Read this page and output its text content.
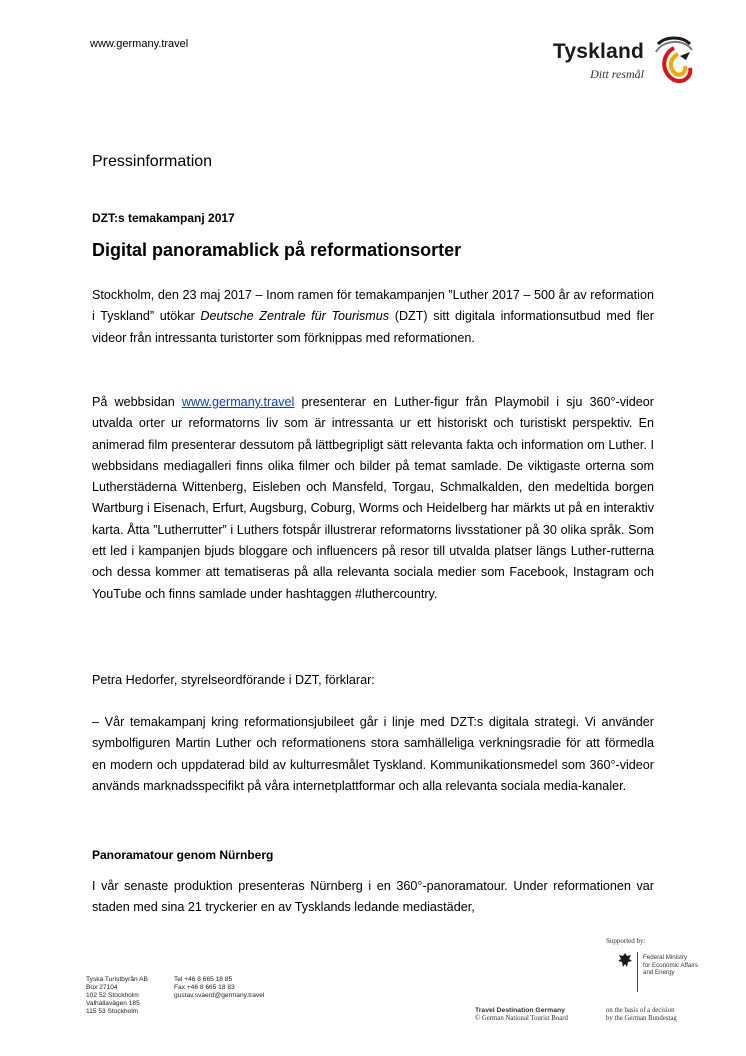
www.germany.travel	Tyskland
Ditt resmål
Pressinformation
DZT:s temakampanj 2017
Digital panoramablick på reformationsorter

Stockholm, den 23 maj 2017 – Inom ramen för temakampanjen ”Luther 2017 – 500 år av reformation i Tyskland” utökar Deutsche Zentrale für Tourismus (DZT) sitt digitala informationsutbud med fler videor från intressanta turistorter som förknippas med reformationen.

På webbsidan www.germany.travel presenterar en Luther-figur från Playmobil i sju 360°-videor utvalda orter ur reformatorns liv som är intressanta ur ett historiskt och turistiskt perspektiv. En animerad film presenterar dessutom på lättbegripligt sätt relevanta fakta och information om Luther. I webbsidans mediagalleri finns olika filmer och bilder på temat samlade. De viktigaste orterna som Lutherstäderna Wittenberg, Eisleben och Mansfeld, Torgau, Schmalkalden, den medeltida borgen Wartburg i Eisenach, Erfurt, Augsburg, Coburg, Worms och Heidelberg har märkts ut på en interaktiv karta. Åtta ”Lutherrutter” i Luthers fotspår illustrerar reformatorns livsstationer på 30 olika språk. Som ett led i kampanjen bjuds bloggare och influencers på resor till utvalda platser längs Luther-rutterna och dessa kommer att tematiseras på alla relevanta sociala medier som Facebook, Instagram och YouTube och finns samlade under hashtaggen #luthercountry.

Petra Hedorfer, styrelseordförande i DZT, förklarar:

– Vår temakampanj kring reformationsjubileet går i linje med DZT:s digitala strategi. Vi använder symbolfiguren Martin Luther och reformationens stora samhälleliga verkningsradie för att förmedla en modern och uppdaterad bild av kulturresmålet Tyskland. Kommunikationsmedel som 360°-videor används marknadsspecifikt på våra internetplattformar och alla relevanta sociala media-kanaler.

Panoramatour genom Nürnberg

I vår senaste produktion presenteras Nürnberg i en 360°-panoramatour. Under reformationen var staden med sina 21 tryckerier en av Tysklands ledande mediastäder,

Supported by:
Federal Ministry
for Economic Affairs
and Energy
Tyska Turistbyrån AB
Box 27104
102 52 Stockholm
Valhallavägen 185
115 53 Stockholm
Tel +46 8 665 18 85
Fax +46 8 665 18 83
gustav.svaerd@germany.travel
Travel Destination Germany
© German National Tourist Board
on the basis of a decision
by the German Bundestag
